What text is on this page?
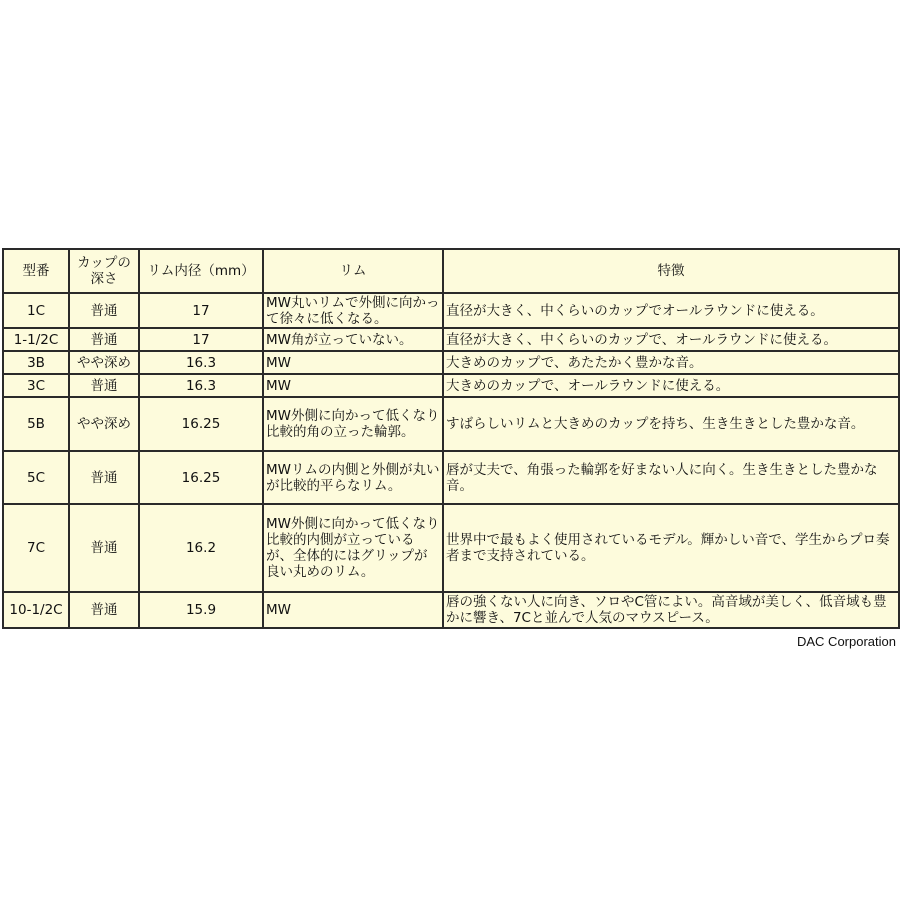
型番	カップの深さ	リム内径（mm）	リム	特徴
1C	普通	17	MW丸いリムで外側に向かって徐々に低くなる。	直径が大きく、中くらいのカップでオールラウンドに使える。
1-1/2C	普通	17	MW角が立っていない。	直径が大きく、中くらいのカップで、オールラウンドに使える。
3B	やや深め	16.3	MW	大きめのカップで、あたたかく豊かな音。
3C	普通	16.3	MW	大きめのカップで、オールラウンドに使える。
5B	やや深め	16.25	MW外側に向かって低くなり比較的角の立った輪郭。	すばらしいリムと大きめのカップを持ち、生き生きとした豊かな音。
5C	普通	16.25	MWリムの内側と外側が丸いが比較的平らなリム。	唇が丈夫で、角張った輪郭を好まない人に向く。生き生きとした豊かな音。
7C	普通	16.2	MW外側に向かって低くなり比較的内側が立っているが、全体的にはグリップが良い丸めのリム。	世界中で最もよく使用されているモデル。輝かしい音で、学生からプロ奏者まで支持されている。
10-1/2C	普通	15.9	MW	唇の強くない人に向き、ソロやC管によい。高音域が美しく、低音域も豊かに響き、7Cと並んで人気のマウスピース。
DAC Corporation
